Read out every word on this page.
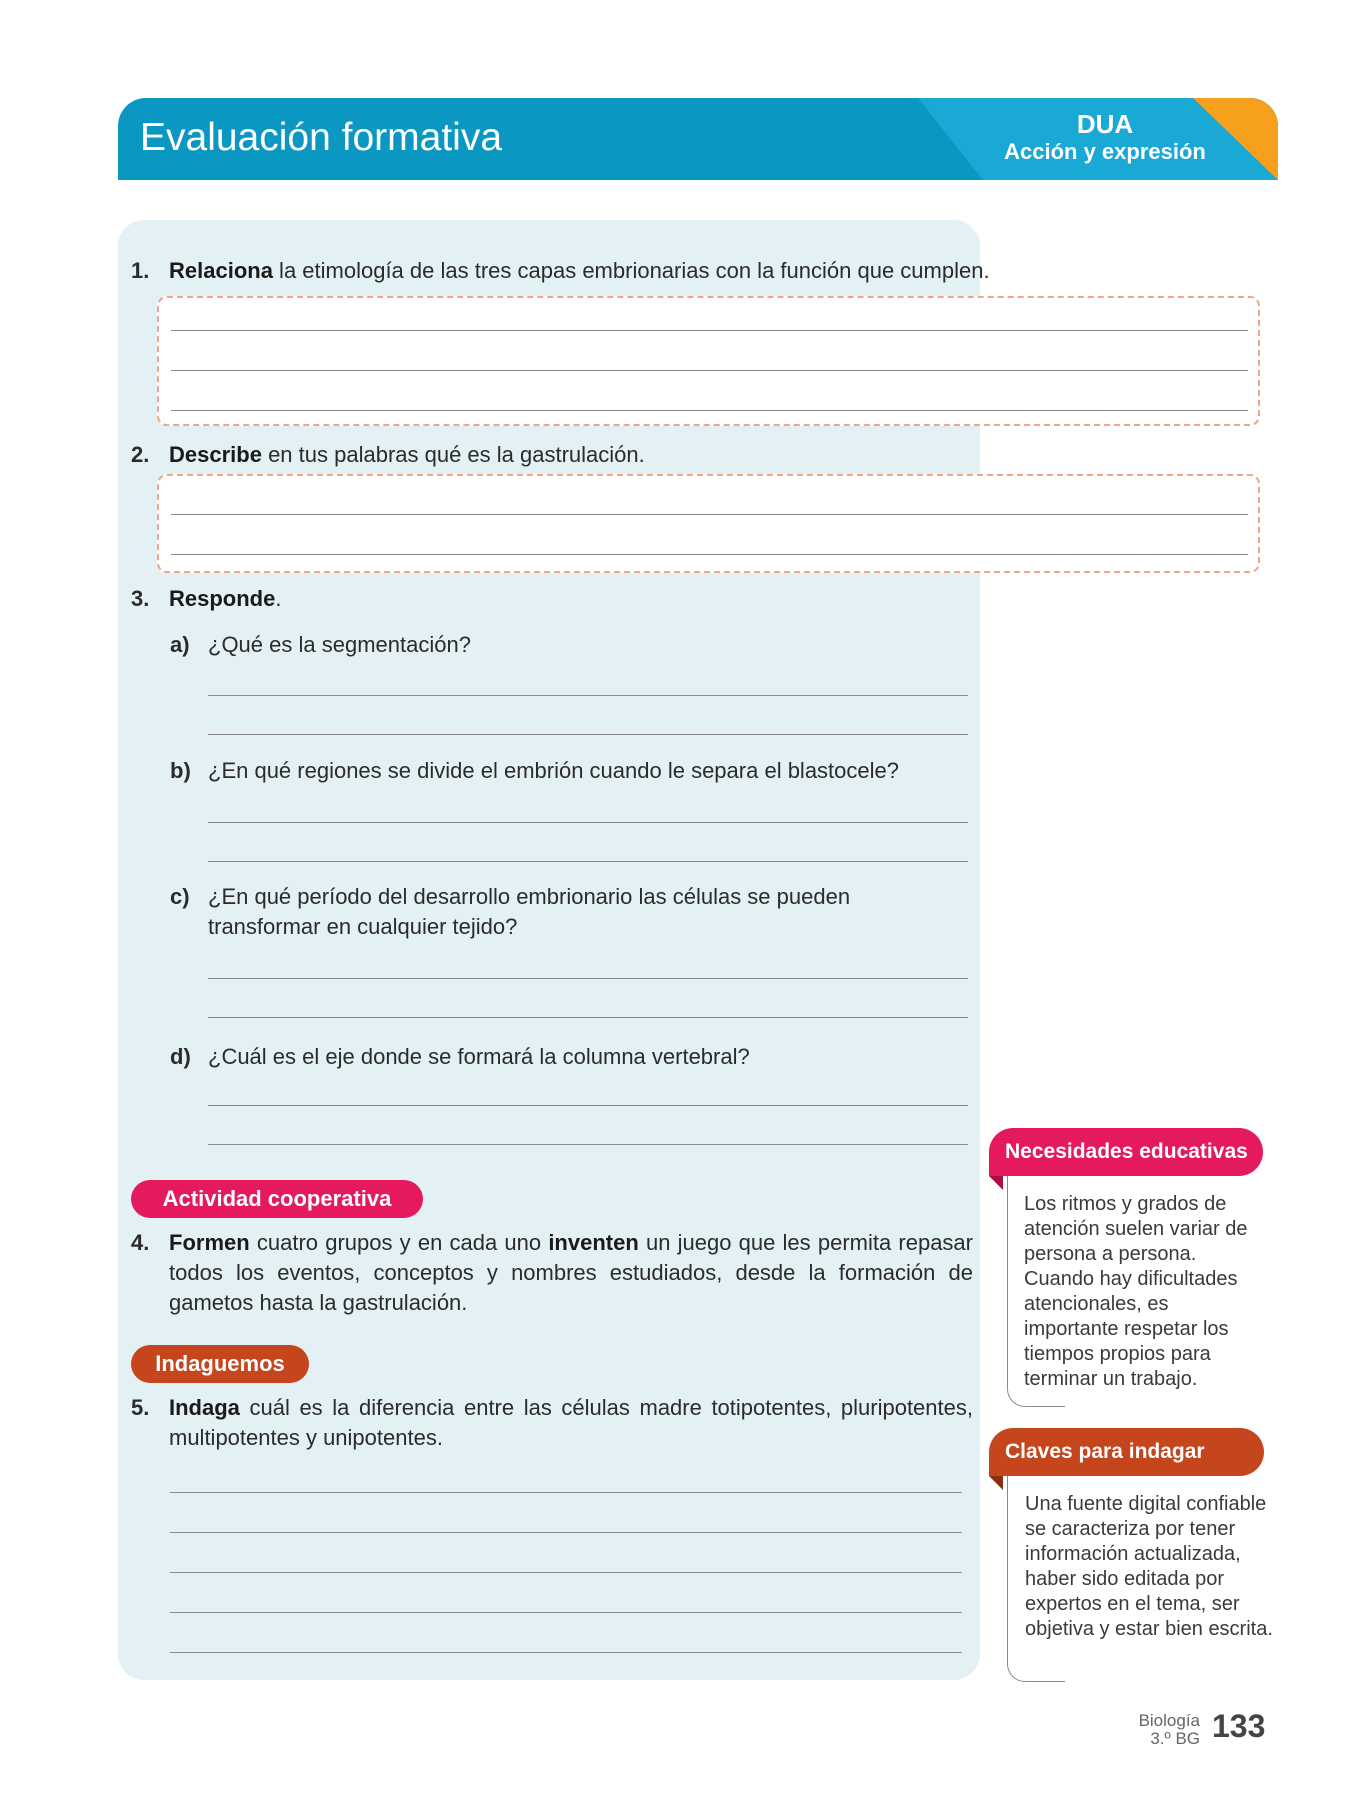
Evaluación formativa	DUA
Acción y expresión
1. Relaciona la etimología de las tres capas embrionarias con la función que cumplen.
2. Describe en tus palabras qué es la gastrulación.
3. Responde.
a) ¿Qué es la segmentación?
b) ¿En qué regiones se divide el embrión cuando le separa el blastocele?
c) ¿En qué período del desarrollo embrionario las células se pueden transformar en cualquier tejido?
d) ¿Cuál es el eje donde se formará la columna vertebral?
Actividad cooperativa
4. Formen cuatro grupos y en cada uno inventen un juego que les permita repasar todos los eventos, conceptos y nombres estudiados, desde la formación de gametos hasta la gastrulación.
Indaguemos
5. Indaga cuál es la diferencia entre las células madre totipotentes, pluripotentes, multipotentes y unipotentes.
Necesidades educativas
Los ritmos y grados de atención suelen variar de persona a persona. Cuando hay dificultades atencionales, es importante respetar los tiempos propios para terminar un trabajo.
Claves para indagar
Una fuente digital confiable se caracteriza por tener información actualizada, haber sido editada por expertos en el tema, ser objetiva y estar bien escrita.
Biología
3.º BG 133
